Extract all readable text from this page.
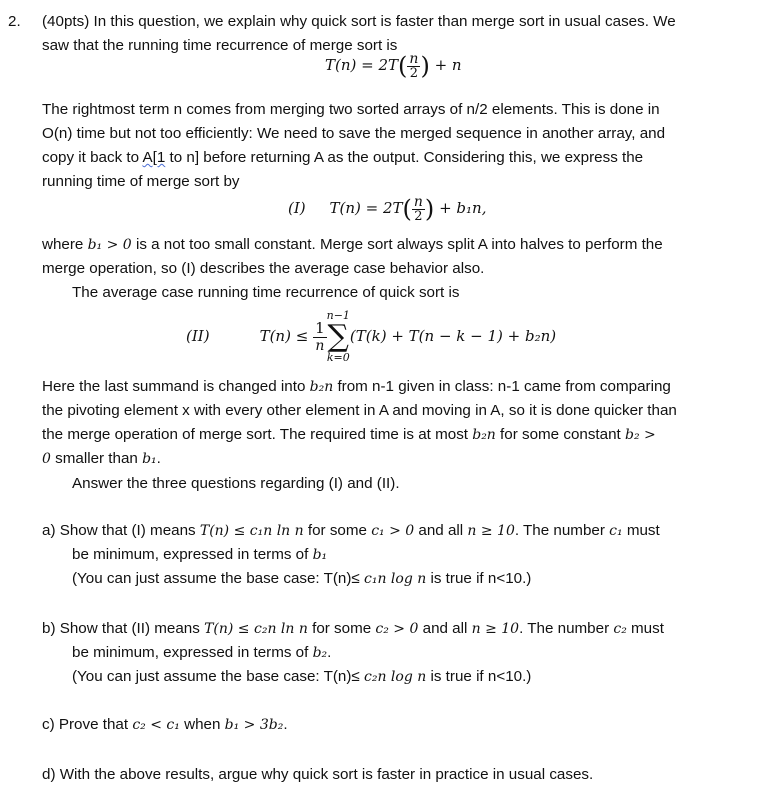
2. (40pts) In this question, we explain why quick sort is faster than merge sort in usual cases. We
saw that the running time recurrence of merge sort is
The rightmost term n comes from merging two sorted arrays of n/2 elements. This is done in
O(n) time but not too efficiently: We need to save the merged sequence in another array, and
copy it back to A[1 to n] before returning A as the output. Considering this, we express the
running time of merge sort by
where b₁ > 0 is a not too small constant. Merge sort always split A into halves to perform the
merge operation, so (I) describes the average case behavior also.
The average case running time recurrence of quick sort is
Here the last summand is changed into b₂n from n-1 given in class: n-1 came from comparing
the pivoting element x with every other element in A and moving in A, so it is done quicker than
the merge operation of merge sort. The required time is at most b₂n for some constant b₂ >
0 smaller than b₁.
Answer the three questions regarding (I) and (II).
a) Show that (I) means T(n) ≤ c₁n ln n for some c₁ > 0 and all n ≥ 10. The number c₁ must
be minimum, expressed in terms of b₁
(You can just assume the base case: T(n)≤ c₁n log n is true if n<10.)
b) Show that (II) means T(n) ≤ c₂n ln n for some c₂ > 0 and all n ≥ 10. The number c₂ must
be minimum, expressed in terms of b₂.
(You can just assume the base case: T(n)≤ c₂n log n is true if n<10.)
c) Prove that c₂ < c₁ when b₁ > 3b₂.
d) With the above results, argue why quick sort is faster in practice in usual cases.
$T(n) = 2T( \frac{n}{2}$ ) + n
(I) $T(n) = 2T( \frac{n}{2}$ ) + b₁n,
(II)	$T(n) \le \frac{1}{n}$
n−1
∑
k=0
(T(k) + T(n − k − 1) + b₂n)
